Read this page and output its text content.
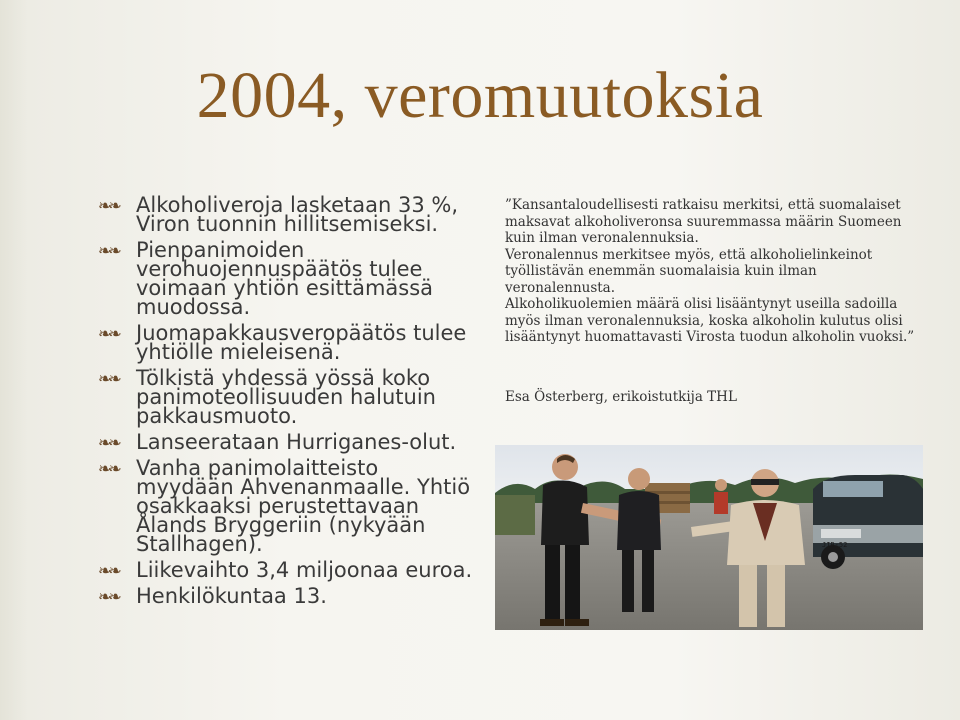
2004, veromuutoksia
❧❧ Alkoholiveroja lasketaan 33 %, Viron tuonnin hillitsemiseksi.
❧❧ Pienpanimoiden verohuojennuspäätös tulee voimaan yhtiön esittämässä muodossa.
❧❧ Juomapakkausveropäätös tulee yhtiölle mieleisenä.
❧❧ Tölkistä yhdessä yössä koko panimoteollisuuden halutuin pakkausmuoto.
❧❧ Lanseerataan Hurriganes-olut.
❧❧ Vanha panimolaitteisto myydään Ahvenanmaalle. Yhtiö osakkaaksi perustettavaan Ålands Bryggeriin (nykyään Stallhagen).
❧❧ Liikevaihto 3,4 miljoonaa euroa.
❧❧ Henkilökuntaa 13.

”Kansantaloudellisesti ratkaisu merkitsi, että suomalaiset maksavat alkoholiveronsa suuremmassa määrin Suomeen kuin ilman veronalennuksia.

Veronalennus merkitsee myös, että alkoholielinkeinot työllistävän enemmän suomalaisia kuin ilman veronalennusta.

Alkoholikuolemien määrä olisi lisääntynyt useilla sadoilla myös ilman veronalennuksia, koska alkoholin kulutus olisi lisääntynyt huomattavasti Virosta tuodun alkoholin vuoksi.”

Esa Österberg, erikoistutkija THL
JIB-52
